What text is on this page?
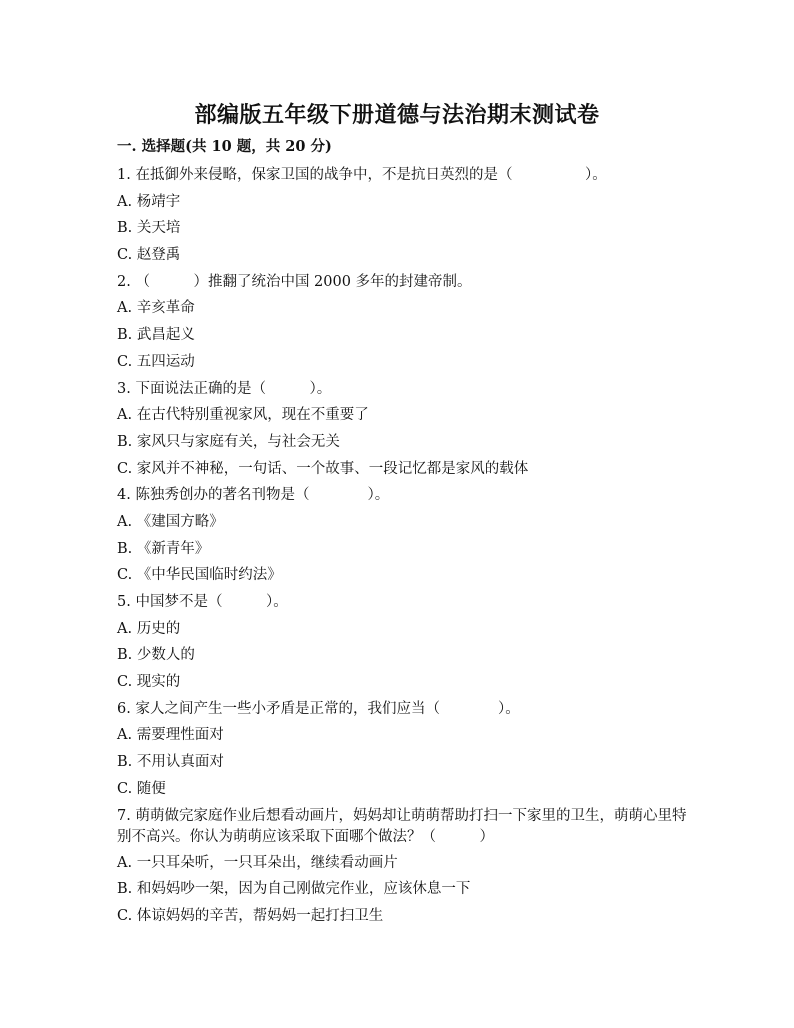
部编版五年级下册道德与法治期末测试卷
一. 选择题(共 10 题，共 20 分)
1. 在抵御外来侵略，保家卫国的战争中，不是抗日英烈的是（　　　　　）。
A. 杨靖宇
B. 关天培
C. 赵登禹
2. （　　　）推翻了统治中国 2000 多年的封建帝制。
A. 辛亥革命
B. 武昌起义
C. 五四运动
3. 下面说法正确的是（　　　）。
A. 在古代特别重视家风，现在不重要了
B. 家风只与家庭有关，与社会无关
C. 家风并不神秘，一句话、一个故事、一段记忆都是家风的载体
4. 陈独秀创办的著名刊物是（　　　　）。
A. 《建国方略》
B. 《新青年》
C. 《中华民国临时约法》
5. 中国梦不是（　　　）。
A. 历史的
B. 少数人的
C. 现实的
6. 家人之间产生一些小矛盾是正常的，我们应当（　　　　）。
A. 需要理性面对
B. 不用认真面对
C. 随便
7. 萌萌做完家庭作业后想看动画片，妈妈却让萌萌帮助打扫一下家里的卫生，萌萌心里特别不高兴。你认为萌萌应该采取下面哪个做法？（　　　）
A. 一只耳朵听，一只耳朵出，继续看动画片
B. 和妈妈吵一架，因为自己刚做完作业，应该休息一下
C. 体谅妈妈的辛苦，帮妈妈一起打扫卫生
